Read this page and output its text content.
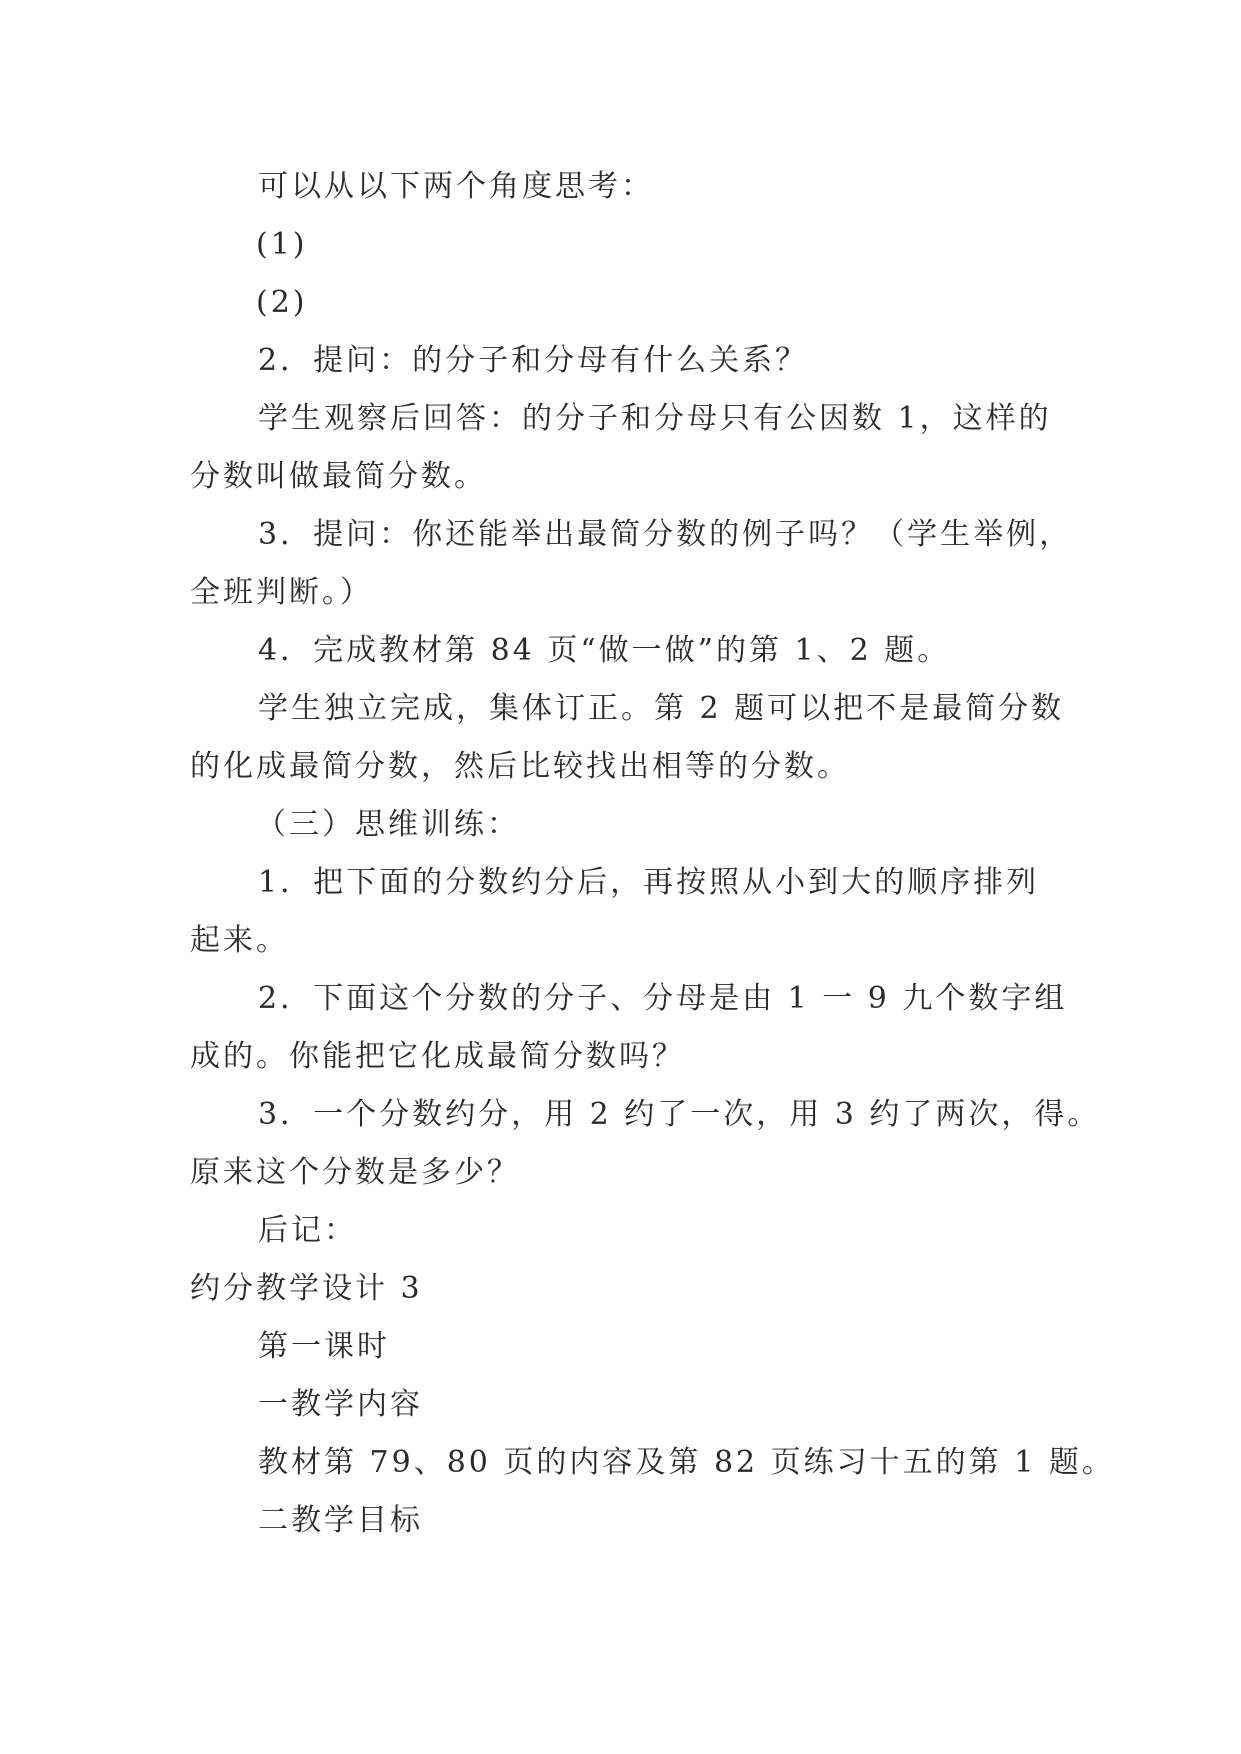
可以从以下两个角度思考：
(1)
(2)
2．提问：的分子和分母有什么关系？
学生观察后回答：的分子和分母只有公因数 1，这样的
分数叫做最简分数。
3．提问：你还能举出最简分数的例子吗？（学生举例，
全班判断。）
4．完成教材第 84 页“做一做”的第 1、2 题。
学生独立完成，集体订正。第 2 题可以把不是最简分数
的化成最简分数，然后比较找出相等的分数。
（三）思维训练：
1．把下面的分数约分后，再按照从小到大的顺序排列
起来。
2．下面这个分数的分子、分母是由 1 一 9 九个数字组
成的。你能把它化成最简分数吗？
3．一个分数约分，用 2 约了一次，用 3 约了两次，得。
原来这个分数是多少？
后记：
约分教学设计 3
第一课时
一教学内容
教材第 79、80 页的内容及第 82 页练习十五的第 1 题。
二教学目标
